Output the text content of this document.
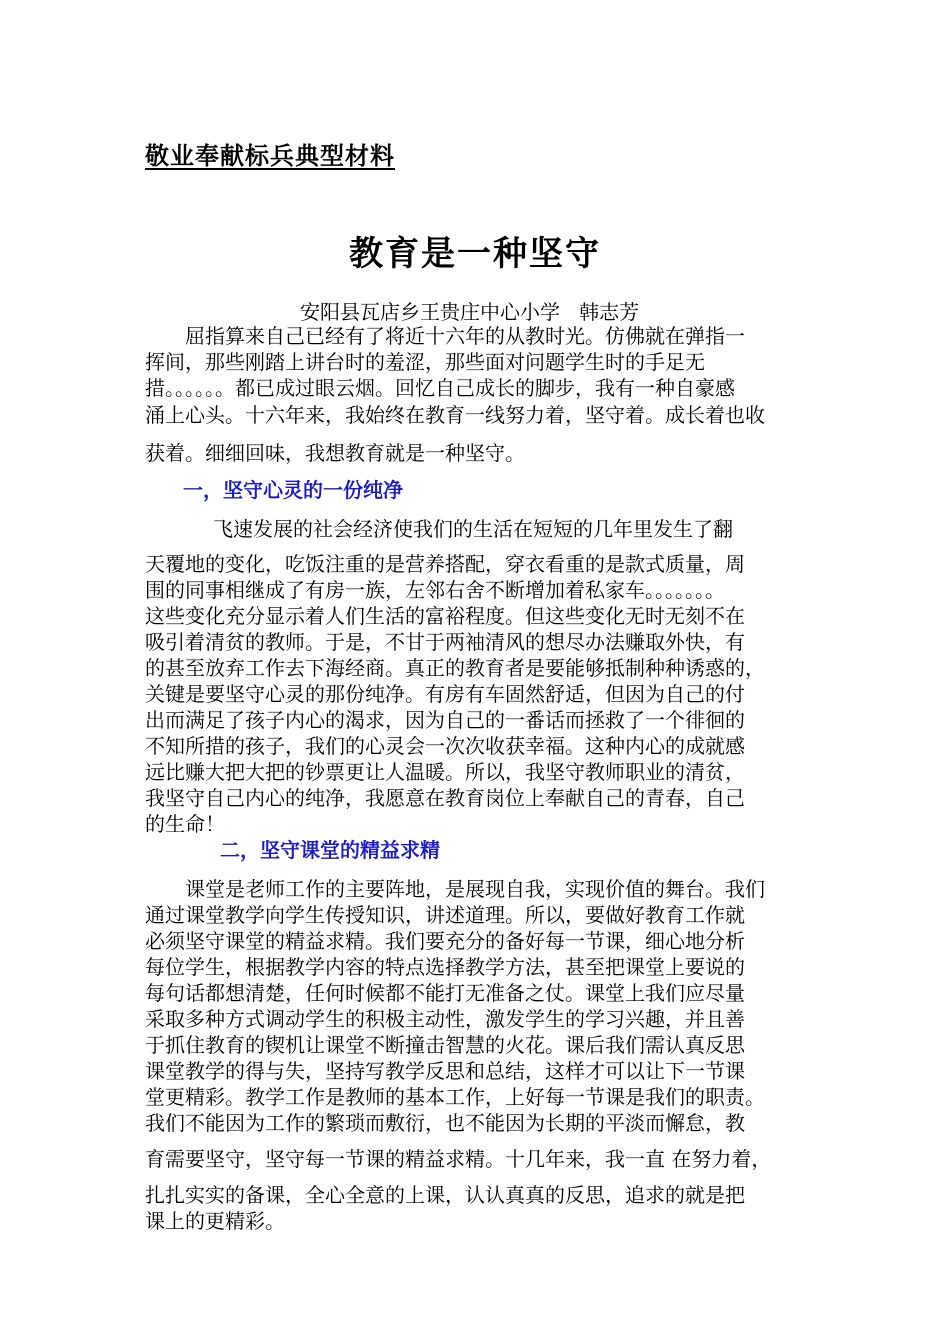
敬业奉献标兵典型材料
教育是一种坚守
安阳县瓦店乡王贵庄中心小学   韩志芳
屈指算来自己已经有了将近十六年的从教时光。仿佛就在弹指一
挥间，那些刚踏上讲台时的羞涩，那些面对问题学生时的手足无
措。。。。。。都已成过眼云烟。回忆自己成长的脚步，我有一种自豪感
涌上心头。十六年来，我始终在教育一线努力着，坚守着。成长着也收
获着。细细回味，我想教育就是一种坚守。
一，坚守心灵的一份纯净
飞速发展的社会经济使我们的生活在短短的几年里发生了翻
天覆地的变化，吃饭注重的是营养搭配，穿衣看重的是款式质量，周
围的同事相继成了有房一族，左邻右舍不断增加着私家车。。。。。。。
这些变化充分显示着人们生活的富裕程度。但这些变化无时无刻不在
吸引着清贫的教师。于是，不甘于两袖清风的想尽办法赚取外快，有
的甚至放弃工作去下海经商。真正的教育者是要能够抵制种种诱惑的，
关键是要坚守心灵的那份纯净。有房有车固然舒适，但因为自己的付
出而满足了孩子内心的渴求，因为自己的一番话而拯救了一个徘徊的
不知所措的孩子，我们的心灵会一次次收获幸福。这种内心的成就感
远比赚大把大把的钞票更让人温暖。所以，我坚守教师职业的清贫，
我坚守自己内心的纯净，我愿意在教育岗位上奉献自己的青春，自己
的生命！
二，坚守课堂的精益求精
课堂是老师工作的主要阵地，是展现自我，实现价值的舞台。我们
通过课堂教学向学生传授知识，讲述道理。所以，要做好教育工作就
必须坚守课堂的精益求精。我们要充分的备好每一节课，细心地分析
每位学生，根据教学内容的特点选择教学方法，甚至把课堂上要说的
每句话都想清楚，任何时候都不能打无准备之仗。课堂上我们应尽量
采取多种方式调动学生的积极主动性，激发学生的学习兴趣，并且善
于抓住教育的锲机让课堂不断撞击智慧的火花。课后我们需认真反思
课堂教学的得与失，坚持写教学反思和总结，这样才可以让下一节课
堂更精彩。教学工作是教师的基本工作，上好每一节课是我们的职责。
我们不能因为工作的繁琐而敷衍，也不能因为长期的平淡而懈怠，教
育需要坚守，坚守每一节课的精益求精。十几年来，我一直 在努力着，
扎扎实实的备课，全心全意的上课，认认真真的反思，追求的就是把
课上的更精彩。
